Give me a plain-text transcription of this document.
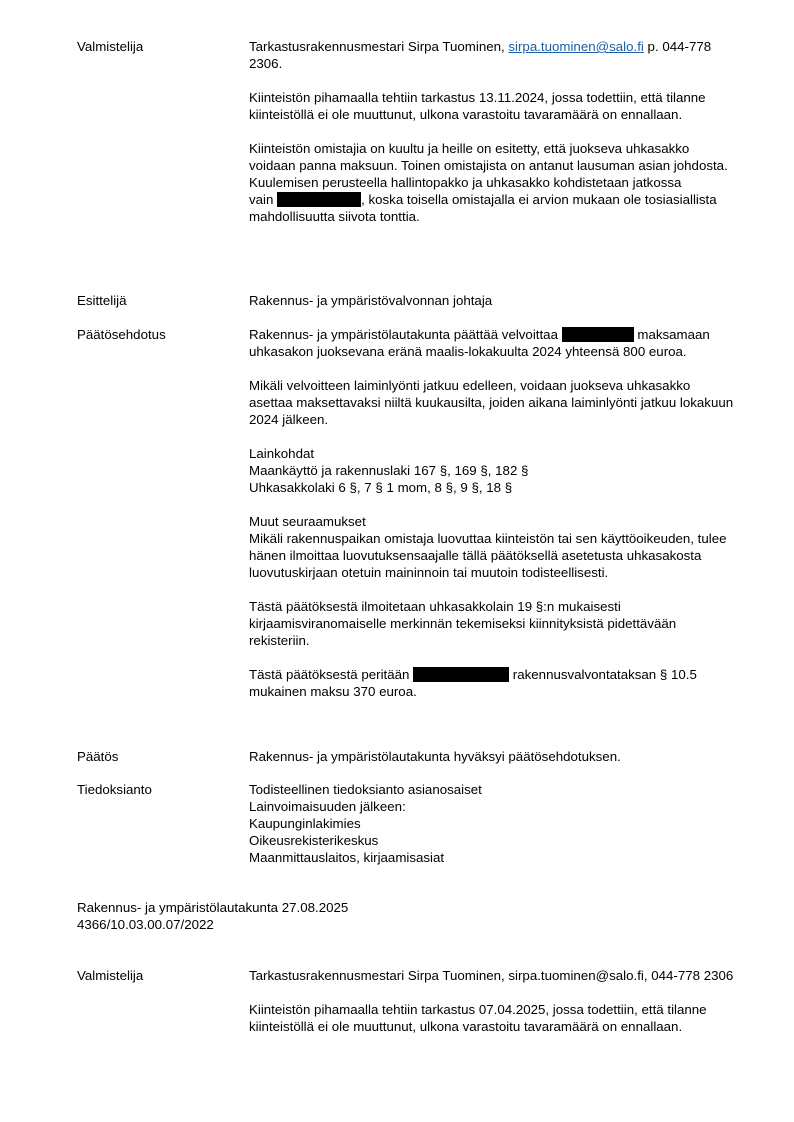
Valmistelija	Tarkastusrakennusmestari Sirpa Tuominen, sirpa.tuominen@salo.fi p. 044-778 2306.

Kiinteistön pihamaalla tehtiin tarkastus 13.11.2024, jossa todettiin, että tilanne kiinteistöllä ei ole muuttunut, ulkona varastoitu tavaramäärä on ennallaan.

Kiinteistön omistajia on kuultu ja heille on esitetty, että juokseva uhkasakko voidaan panna maksuun. Toinen omistajista on antanut lausuman asian johdosta.
Kuulemisen perusteella hallintopakko ja uhkasakko kohdistetaan jatkossa
vain	, koska toisella omistajalla ei arvion mukaan ole tosiasiallista mahdollisuutta siivota tonttia.

Esittelijä	Rakennus- ja ympäristövalvonnan johtaja
Päätösehdotus	Rakennus- ja ympäristölautakunta päättää velvoittaa	maksamaan uhkasakon juoksevana eränä maalis-lokakuulta 2024 yhteensä 800 euroa.

Mikäli velvoitteen laiminlyönti jatkuu edelleen, voidaan juokseva uhkasakko asettaa maksettavaksi niiltä kuukausilta, joiden aikana laiminlyönti jatkuu lokakuun 2024 jälkeen.

Lainkohdat
Maankäyttö ja rakennuslaki 167 §, 169 §, 182 §
Uhkasakkolaki 6 §, 7 § 1 mom, 8 §, 9 §, 18 §

Muut seuraamukset
Mikäli rakennuspaikan omistaja luovuttaa kiinteistön tai sen käyttöoikeuden, tulee hänen ilmoittaa luovutuksensaajalle tällä päätöksellä asetetusta uhkasakosta luovutuskirjaan otetuin maininnoin tai muutoin todisteellisesti.

Tästä päätöksestä ilmoitetaan uhkasakkolain 19 §:n mukaisesti kirjaamisviranomaiselle merkinnän tekemiseksi kiinnityksistä pidettävään rekisteriin.

Tästä päätöksestä peritään	rakennusvalvontataksan § 10.5 mukainen maksu 370 euroa.

Päätös	Rakennus- ja ympäristölautakunta hyväksyi päätösehdotuksen.
Tiedoksianto	Todisteellinen tiedoksianto asianosaiset
Lainvoimaisuuden jälkeen:
Kaupunginlakimies
Oikeusrekisterikeskus
Maanmittauslaitos, kirjaamisasiat
Rakennus- ja ympäristölautakunta 27.08.2025
4366/10.03.00.07/2022
Valmistelija	Tarkastusrakennusmestari Sirpa Tuominen, sirpa.tuominen@salo.fi, 044-778 2306

Kiinteistön pihamaalla tehtiin tarkastus 07.04.2025, jossa todettiin, että tilanne kiinteistöllä ei ole muuttunut, ulkona varastoitu tavaramäärä on ennallaan.
